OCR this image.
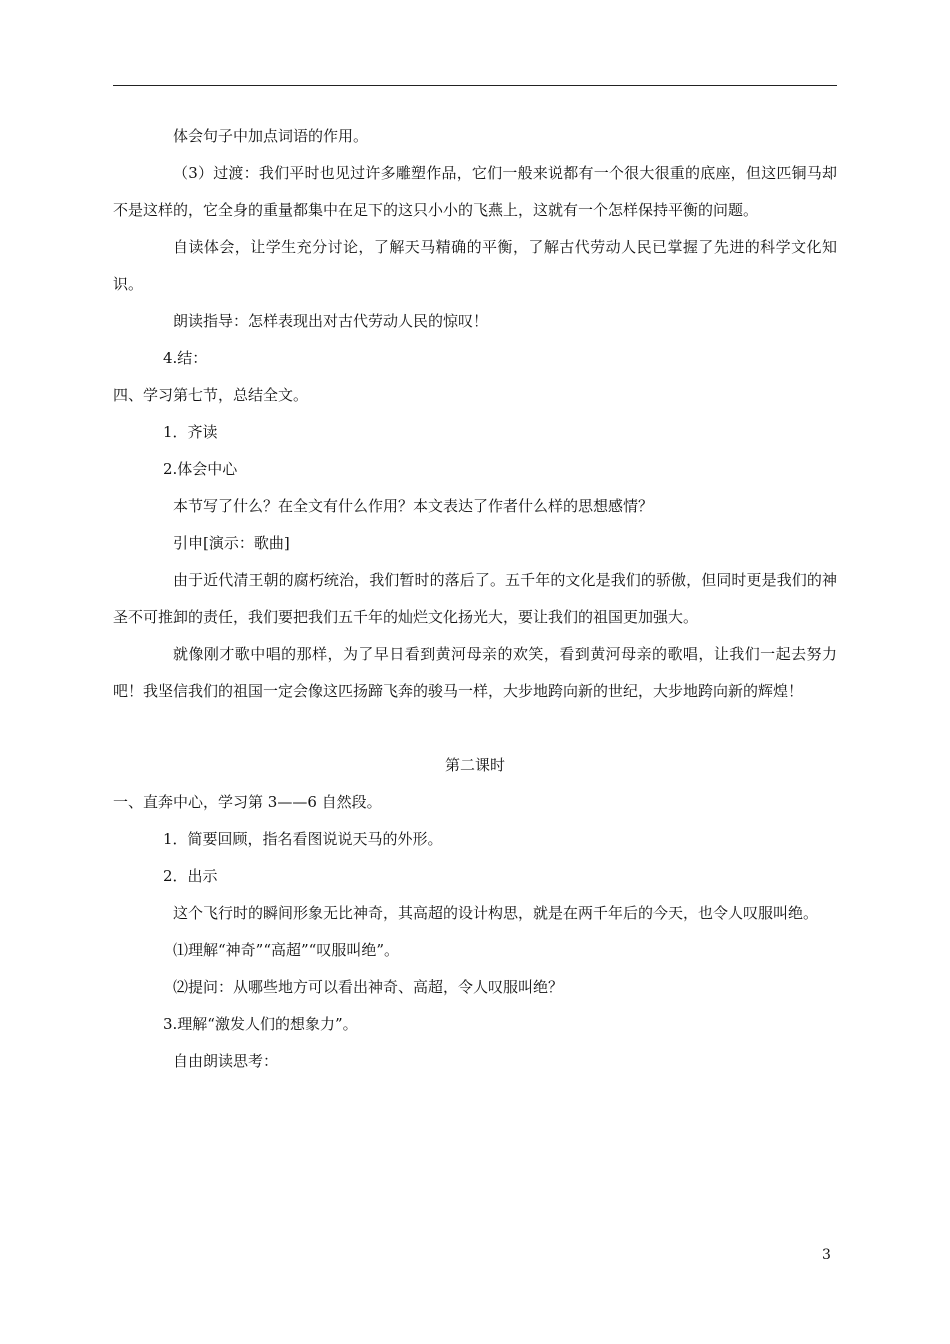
体会句子中加点词语的作用。

（3）过渡：我们平时也见过许多雕塑作品，它们一般来说都有一个很大很重的底座，但这匹铜马却不是这样的，它全身的重量都集中在足下的这只小小的飞燕上，这就有一个怎样保持平衡的问题。

自读体会，让学生充分讨论，了解天马精确的平衡，了解古代劳动人民已掌握了先进的科学文化知识。

朗读指导：怎样表现出对古代劳动人民的惊叹！

4.结：

四、学习第七节，总结全文。

1．齐读

2.体会中心

本节写了什么？在全文有什么作用？本文表达了作者什么样的思想感情？

引申[演示：歌曲]

由于近代清王朝的腐朽统治，我们暂时的落后了。五千年的文化是我们的骄傲，但同时更是我们的神圣不可推卸的责任，我们要把我们五千年的灿烂文化扬光大，要让我们的祖国更加强大。

就像刚才歌中唱的那样，为了早日看到黄河母亲的欢笑，看到黄河母亲的歌唱，让我们一起去努力吧！我坚信我们的祖国一定会像这匹扬蹄飞奔的骏马一样，大步地跨向新的世纪，大步地跨向新的辉煌！

第二课时

一、直奔中心，学习第 3——6 自然段。

1．简要回顾，指名看图说说天马的外形。

2．出示

这个飞行时的瞬间形象无比神奇，其高超的设计构思，就是在两千年后的今天，也令人叹服叫绝。

⑴理解“神奇”“高超”“叹服叫绝”。

⑵提问：从哪些地方可以看出神奇、高超，令人叹服叫绝？

3.理解“激发人们的想象力”。

自由朗读思考：

3
